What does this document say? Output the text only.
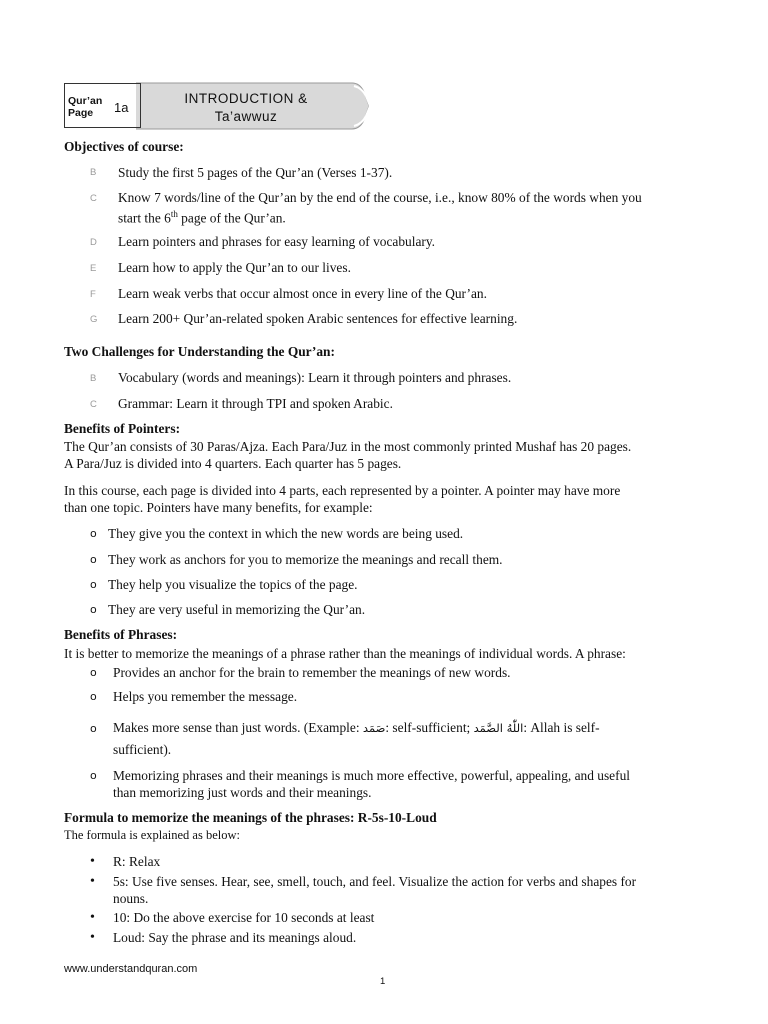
Qur’an
Page	1a
INTRODUCTION &
Ta’awwuz
Objectives of course:
B Study the first 5 pages of the Qur’an (Verses 1-37).
C Know 7 words/line of the Qur’an by the end of the course, i.e., know 80% of the words when you
start the 6th page of the Qur’an.
D Learn pointers and phrases for easy learning of vocabulary.
E Learn how to apply the Qur’an to our lives.
F Learn weak verbs that occur almost once in every line of the Qur’an.
G Learn 200+ Qur’an-related spoken Arabic sentences for effective learning.
Two Challenges for Understanding the Qur’an:
B Vocabulary (words and meanings): Learn it through pointers and phrases.
C Grammar: Learn it through TPI and spoken Arabic.
Benefits of Pointers:
The Qur’an consists of 30 Paras/Ajza. Each Para/Juz in the most commonly printed Mushaf has 20 pages.
A Para/Juz is divided into 4 quarters. Each quarter has 5 pages.
In this course, each page is divided into 4 parts, each represented by a pointer. A pointer may have more
than one topic. Pointers have many benefits, for example:
o They give you the context in which the new words are being used.
o They work as anchors for you to memorize the meanings and recall them.
o They help you visualize the topics of the page.
o They are very useful in memorizing the Qur’an.
Benefits of Phrases:
It is better to memorize the meanings of a phrase rather than the meanings of individual words. A phrase:
o Provides an anchor for the brain to remember the meanings of new words.
o Helps you remember the message.
o Makes more sense than just words. (Example: صَمَد: self-sufficient; اللّٰهُ الصَّمَد: Allah is self-
sufficient).
o Memorizing phrases and their meanings is much more effective, powerful, appealing, and useful
than memorizing just words and their meanings.
Formula to memorize the meanings of the phrases: R-5s-10-Loud
The formula is explained as below:
• R: Relax
• 5s: Use five senses. Hear, see, smell, touch, and feel. Visualize the action for verbs and shapes for
nouns.
• 10: Do the above exercise for 10 seconds at least
• Loud: Say the phrase and its meanings aloud.
www.understandquran.com
1
